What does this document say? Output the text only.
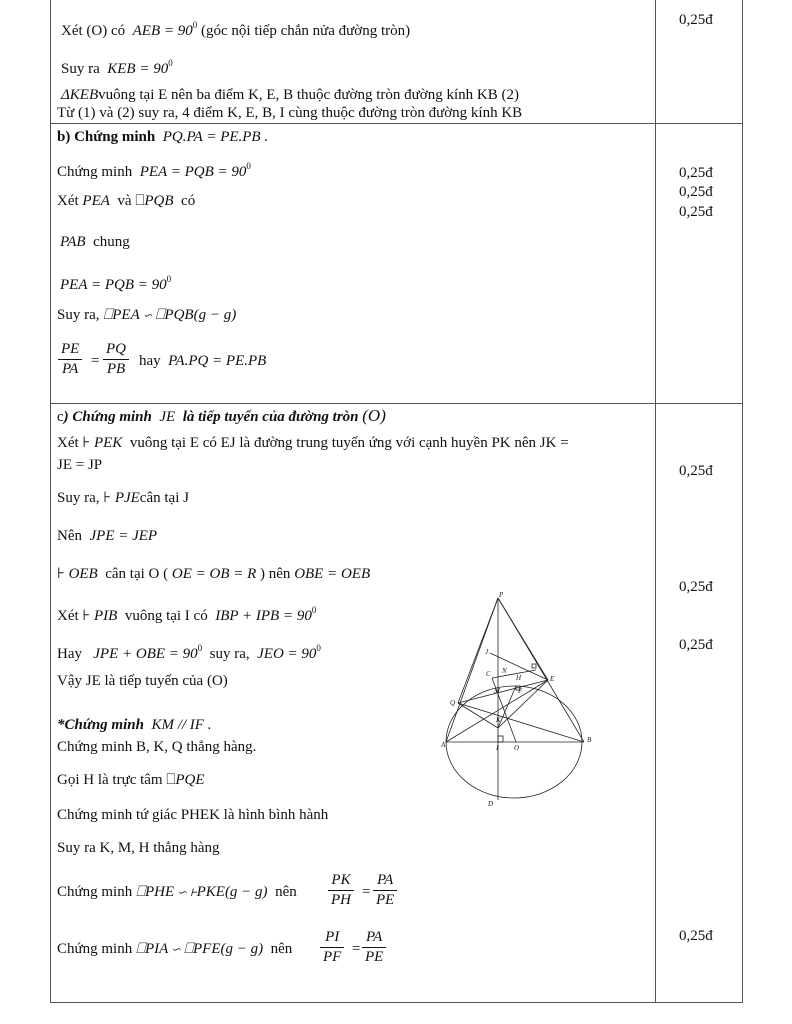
Xét (O) có AEB = $90^0$ (góc nội tiếp chắn nửa đường tròn)
Suy ra KEB = $90^0$
ΔKEBvuông tại E nên ba điểm K, E, B thuộc đường tròn đường kính KB (2)
Từ (1) và (2) suy ra, 4 điểm K, E, B, I cùng thuộc đường tròn đường kính KB
0,25đ
b) Chứng minh PQ.PA = PE.PB .
Chứng minh PEA = PQB = $90^0$
Xét PEA và ⎕PQB có
PAB chung
PEA = PQB = $90^0$
Suy ra, ⎕PEA ∽ ⎕PQB(g − g)
$\frac{PE}{PA} = \frac{PQ}{PB}$ hay PA.PQ = PE.PB
0,25đ
0,25đ
0,25đ
c) Chứng minh JE là tiếp tuyến của đường tròn (O)
Xét ⊦ PEK vuông tại E có EJ là đường trung tuyến ứng với cạnh huyền PK nên JK =
JE = JP
Suy ra, ⊦ PJEcân tại J
Nên JPE = JEP
⊦ OEB cân tại O ( OE = OB = R ) nên OBE = OEB
Xét ⊦ PIB vuông tại I có IBP + IPB = $90^0$
Hay JPE + OBE = $90^0$ suy ra, JEO = $90^0$
Vậy JE là tiếp tuyến của (O)
0,25đ
0,25đ
0,25đ
*Chứng minh KM // IF .
Chứng minh B, K, Q thẳng hàng.
Gọi H là trực tâm ⎕PQE
Chứng minh tứ giác PHEK là hình bình hành
Suy ra K, M, H thẳng hàng
Chứng minh ⎕PHE ∽ ⊦PKE(g − g) nên $\frac{PK}{PH} = \frac{PA}{PE}$
Chứng minh ⎕PIA ∽ ⎕PFE(g − g) nên $\frac{PI}{PF} = \frac{PA}{PE}$	0,25đ
P
J
C N
H
M
E
F
Q
K
A	I O
B
D
